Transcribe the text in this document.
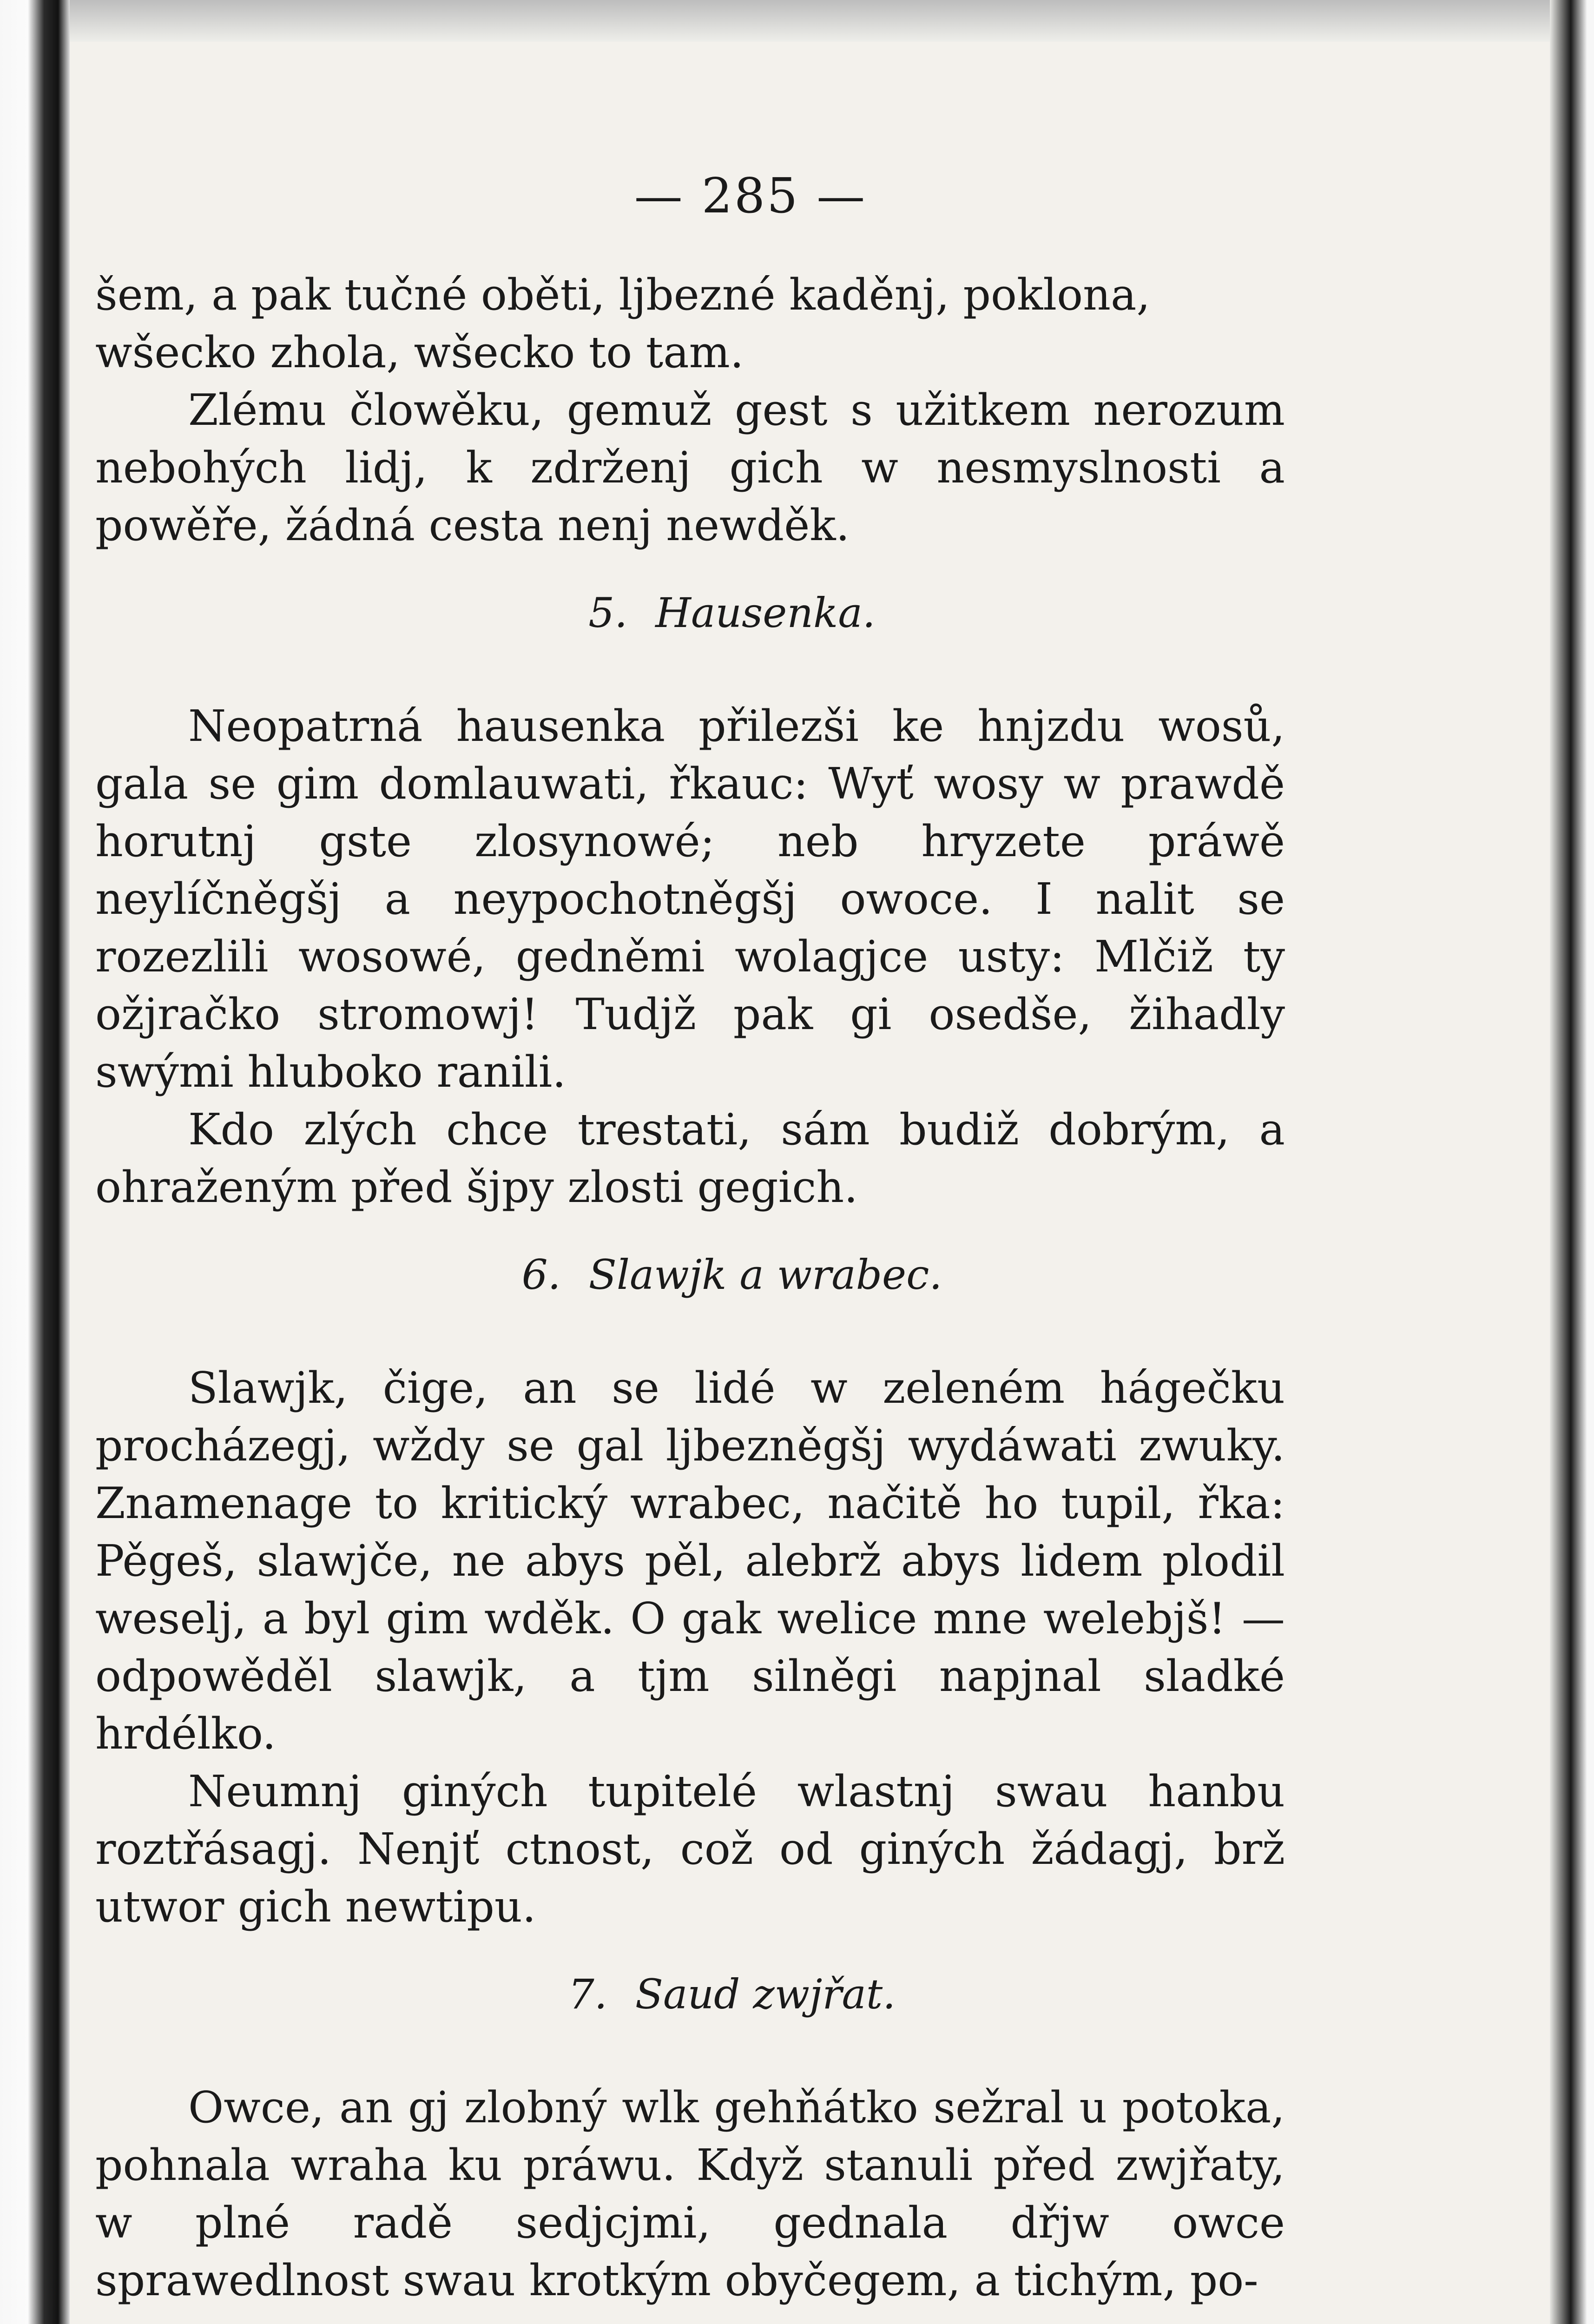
— 285 —

šem, a pak tučné oběti, ljbezné kaděnj, poklona,

wšecko zhola, wšecko to tam.

Zlému člowěku, gemuž gest s užitkem nerozum nebohých lidj, k zdrženj gich w nesmyslnosti a powěře, žádná cesta nenj newděk.

5. Hausenka.

Neopatrná hausenka přilezši ke hnjzdu wosů, gala se gim domlauwati, řkauc: Wyť wosy w prawdě horutnj gste zlosynowé; neb hryzete práwě neylíčněgšj a neypochotněgšj owoce. I nalit se rozezlili wosowé, gedněmi wolagjce usty: Mlčiž ty ožjračko stromowj! Tudjž pak gi osedše, žihadly swými hluboko ranili.

Kdo zlých chce trestati, sám budiž dobrým, a ohraženým před šjpy zlosti gegich.

6. Slawjk a wrabec.

Slawjk, čige, an se lidé w zeleném hágečku procházegj, wždy se gal ljbezněgšj wydáwati zwuky. Znamenage to kritický wrabec, načitě ho tupil, řka: Pěgeš, slawjče, ne abys pěl, alebrž abys lidem plodil weselj, a byl gim wděk. O gak welice mne welebjš! — odpowěděl slawjk, a tjm silněgi napjnal sladké hrdélko.

Neumnj giných tupitelé wlastnj swau hanbu roztřásagj. Nenjť ctnost, což od giných žádagj, brž utwor gich newtipu.

7. Saud zwjřat.

Owce, an gj zlobný wlk gehňátko sežral u potoka, pohnala wraha ku práwu. Když stanuli před zwjřaty, w plné radě sedjcjmi, gednala dřjw owce sprawedlnost swau krotkým obyčegem, a tichým, po-
